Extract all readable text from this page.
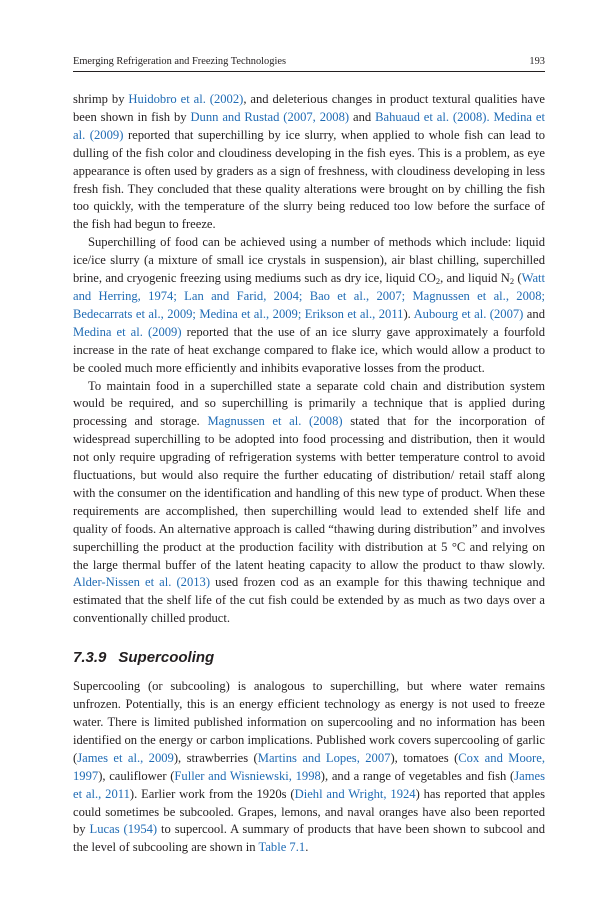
Emerging Refrigeration and Freezing Technologies	193

shrimp by Huidobro et al. (2002), and deleterious changes in product textural qualities have been shown in fish by Dunn and Rustad (2007, 2008) and Bahuaud et al. (2008). Medina et al. (2009) reported that superchilling by ice slurry, when applied to whole fish can lead to dulling of the fish color and cloudiness developing in the fish eyes. This is a problem, as eye appearance is often used by graders as a sign of freshness, with cloudiness developing in less fresh fish. They concluded that these quality alterations were brought on by chilling the fish too quickly, with the temperature of the slurry being reduced too low before the surface of the fish had begun to freeze.

Superchilling of food can be achieved using a number of methods which include: liquid ice/ice slurry (a mixture of small ice crystals in suspension), air blast chilling, superchilled brine, and cryogenic freezing using mediums such as dry ice, liquid $CO_2$, and liquid $N_2$ (Watt and Herring, 1974; Lan and Farid, 2004; Bao et al., 2007; Magnussen et al., 2008; Bedecarrats et al., 2009; Medina et al., 2009; Erikson et al., 2011). Aubourg et al. (2007) and Medina et al. (2009) reported that the use of an ice slurry gave approximately a fourfold increase in the rate of heat exchange compared to flake ice, which would allow a product to be cooled much more efficiently and inhibits evaporative losses from the product.

To maintain food in a superchilled state a separate cold chain and distribution system would be required, and so superchilling is primarily a technique that is applied during processing and storage. Magnussen et al. (2008) stated that for the incorporation of widespread superchilling to be adopted into food processing and distribution, then it would not only require upgrading of refrigeration systems with better temperature control to avoid fluctuations, but would also require the further educating of distribution/ retail staff along with the consumer on the identification and handling of this new type of product. When these requirements are accomplished, then superchilling would lead to extended shelf life and quality of foods. An alternative approach is called “thawing during distribution” and involves superchilling the product at the production facility with distribution at 5 °C and relying on the large thermal buffer of the latent heating capacity to allow the product to thaw slowly. Alder-Nissen et al. (2013) used frozen cod as an example for this thawing technique and estimated that the shelf life of the cut fish could be extended by as much as two days over a conventionally chilled product.

7.3.9 Supercooling

Supercooling (or subcooling) is analogous to superchilling, but where water remains unfrozen. Potentially, this is an energy efficient technology as energy is not used to freeze water. There is limited published information on supercooling and no information has been identified on the energy or carbon implications. Published work covers supercooling of garlic (James et al., 2009), strawberries (Martins and Lopes, 2007), tomatoes (Cox and Moore, 1997), cauliflower (Fuller and Wisniewski, 1998), and a range of vegetables and fish (James et al., 2011). Earlier work from the 1920s (Diehl and Wright, 1924) has reported that apples could sometimes be subcooled. Grapes, lemons, and naval oranges have also been reported by Lucas (1954) to supercool. A summary of products that have been shown to subcool and the level of subcooling are shown in Table 7.1.
